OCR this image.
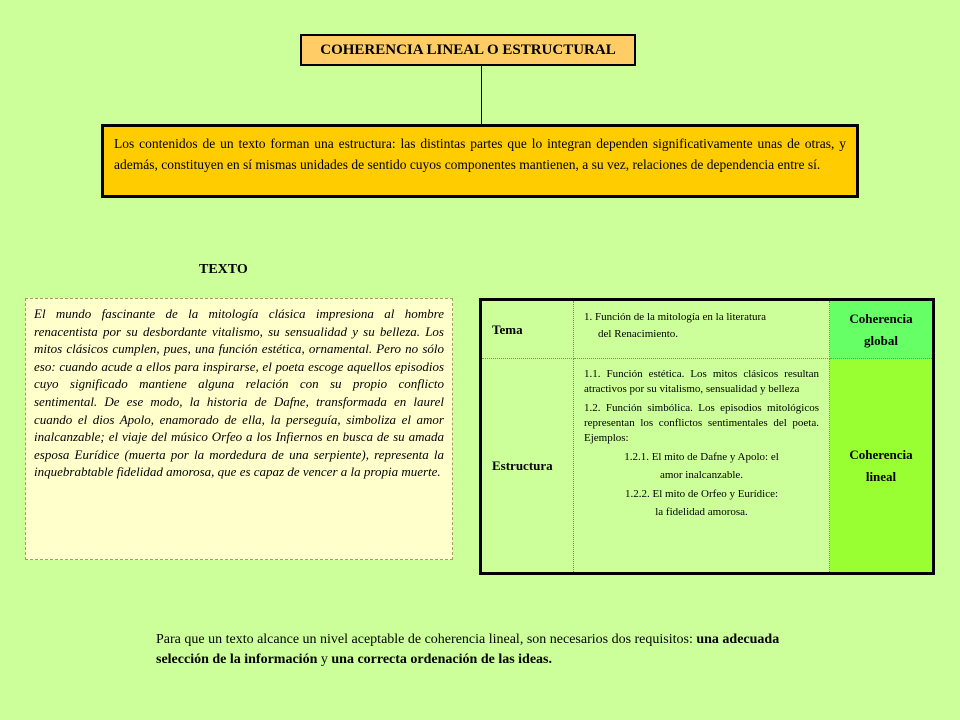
COHERENCIA LINEAL O ESTRUCTURAL
Los contenidos de un texto forman una estructura: las distintas partes que lo integran dependen significativamente unas de otras, y además, constituyen en sí mismas unidades de sentido cuyos componentes mantienen, a su vez, relaciones de dependencia entre sí.
TEXTO
El mundo fascinante de la mitología clásica impresiona al hombre renacentista por su desbordante vitalismo, su sensualidad y su belleza. Los mitos clásicos cumplen, pues, una función estética, ornamental. Pero no sólo eso: cuando acude a ellos para inspirarse, el poeta escoge aquellos episodios cuyo significado mantiene alguna relación con su propio conflicto sentimental. De ese modo, la historia de Dafne, transformada en laurel cuando el dios Apolo, enamorado de ella, la perseguía, simboliza el amor inalcanzable; el viaje del músico Orfeo a los Infiernos en busca de su amada esposa Eurídice (muerta por la mordedura de una serpiente), representa la inquebrabtable fidelidad amorosa, que es capaz de vencer a la propia muerte.
Tema
1. Función de la mitología en la literatura
del Renacimiento.
Coherencia
global
Estructura
1.1. Función estética. Los mitos clásicos resultan atractivos por su vitalismo, sensualidad y belleza
1.2. Función simbólica. Los episodios mitológicos representan los conflictos sentimentales del poeta. Ejemplos:
1.2.1. El mito de Dafne y Apolo: el
amor inalcanzable.
1.2.2. El mito de Orfeo y Eurídice:
la fidelidad amorosa.
Coherencia
lineal
Para que un texto alcance un nivel aceptable de coherencia lineal, son necesarios dos requisitos: una adecuada selección de la información y una correcta ordenación de las ideas.
